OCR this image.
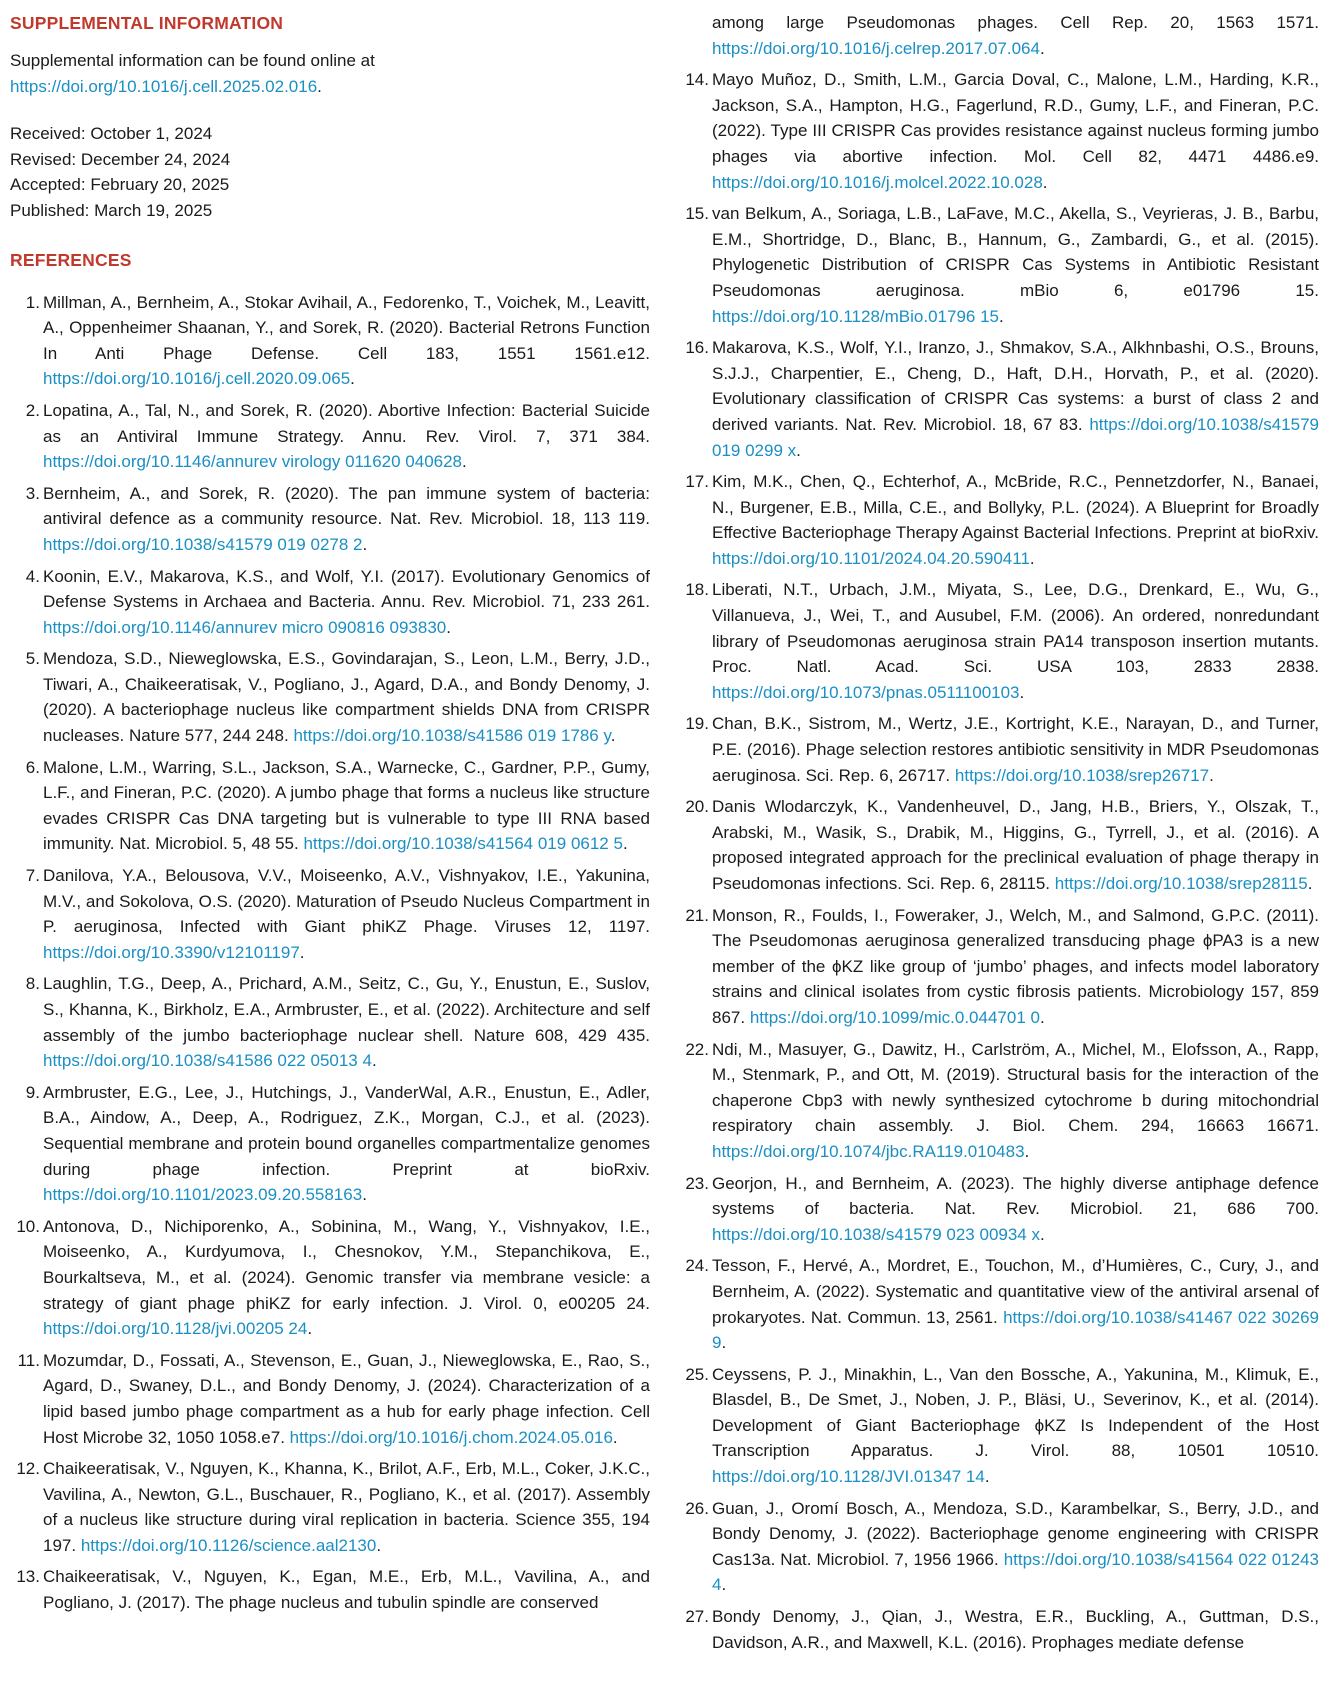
SUPPLEMENTAL INFORMATION

Supplemental information can be found online at https://doi.org/10.1016/j.cell.2025.02.016.

Received: October 1, 2024
Revised: December 24, 2024
Accepted: February 20, 2025
Published: March 19, 2025
REFERENCES
1 . Millman, A., Bernheim, A., Stokar Avihail, A., Fedorenko, T., Voichek, M., Leavitt, A., Oppenheimer Shaanan, Y., and Sorek, R. (2020). Bacterial Retrons Function In Anti Phage Defense. Cell 183, 1551 1561.e12. https://doi.org/10.1016/j.cell.2020.09.065.
2 . Lopatina, A., Tal, N., and Sorek, R. (2020). Abortive Infection: Bacterial Suicide as an Antiviral Immune Strategy. Annu. Rev. Virol. 7, 371 384. https://doi.org/10.1146/annurev virology 011620 040628.
3 . Bernheim, A., and Sorek, R. (2020). The pan immune system of bacteria: antiviral defence as a community resource. Nat. Rev. Microbiol. 18, 113 119. https://doi.org/10.1038/s41579 019 0278 2.
4 . Koonin, E.V., Makarova, K.S., and Wolf, Y.I. (2017). Evolutionary Genomics of Defense Systems in Archaea and Bacteria. Annu. Rev. Microbiol. 71, 233 261. https://doi.org/10.1146/annurev micro 090816 093830.
5 . Mendoza, S.D., Nieweglowska, E.S., Govindarajan, S., Leon, L.M., Berry, J.D., Tiwari, A., Chaikeeratisak, V., Pogliano, J., Agard, D.A., and Bondy Denomy, J. (2020). A bacteriophage nucleus like compartment shields DNA from CRISPR nucleases. Nature 577, 244 248. https://doi.org/10.1038/s41586 019 1786 y.
6 . Malone, L.M., Warring, S.L., Jackson, S.A., Warnecke, C., Gardner, P.P., Gumy, L.F., and Fineran, P.C. (2020). A jumbo phage that forms a nucleus like structure evades CRISPR Cas DNA targeting but is vulnerable to type III RNA based immunity. Nat. Microbiol. 5, 48 55. https://doi.org/10.1038/s41564 019 0612 5.
7 . Danilova, Y.A., Belousova, V.V., Moiseenko, A.V., Vishnyakov, I.E., Yakunina, M.V., and Sokolova, O.S. (2020). Maturation of Pseudo Nucleus Compartment in P. aeruginosa, Infected with Giant phiKZ Phage. Viruses 12, 1197. https://doi.org/10.3390/v12101197.
8 . Laughlin, T.G., Deep, A., Prichard, A.M., Seitz, C., Gu, Y., Enustun, E., Suslov, S., Khanna, K., Birkholz, E.A., Armbruster, E., et al. (2022). Architecture and self assembly of the jumbo bacteriophage nuclear shell. Nature 608, 429 435. https://doi.org/10.1038/s41586 022 05013 4.
9 . Armbruster, E.G., Lee, J., Hutchings, J., VanderWal, A.R., Enustun, E., Adler, B.A., Aindow, A., Deep, A., Rodriguez, Z.K., Morgan, C.J., et al. (2023). Sequential membrane and protein bound organelles compartmentalize genomes during phage infection. Preprint at bioRxiv. https://doi.org/10.1101/2023.09.20.558163.
10 . Antonova, D., Nichiporenko, A., Sobinina, M., Wang, Y., Vishnyakov, I.E., Moiseenko, A., Kurdyumova, I., Chesnokov, Y.M., Stepanchikova, E., Bourkaltseva, M., et al. (2024). Genomic transfer via membrane vesicle: a strategy of giant phage phiKZ for early infection. J. Virol. 0, e00205 24. https://doi.org/10.1128/jvi.00205 24.
11 . Mozumdar, D., Fossati, A., Stevenson, E., Guan, J., Nieweglowska, E., Rao, S., Agard, D., Swaney, D.L., and Bondy Denomy, J. (2024). Characterization of a lipid based jumbo phage compartment as a hub for early phage infection. Cell Host Microbe 32, 1050 1058.e7. https://doi.org/10.1016/j.chom.2024.05.016.
12 . Chaikeeratisak, V., Nguyen, K., Khanna, K., Brilot, A.F., Erb, M.L., Coker, J.K.C., Vavilina, A., Newton, G.L., Buschauer, R., Pogliano, K., et al. (2017). Assembly of a nucleus like structure during viral replication in bacteria. Science 355, 194 197. https://doi.org/10.1126/science.aal2130.
13 . Chaikeeratisak, V., Nguyen, K., Egan, M.E., Erb, M.L., Vavilina, A., and Pogliano, J. (2017). The phage nucleus and tubulin spindle are conserved
among large Pseudomonas phages. Cell Rep. 20, 1563 1571. https://doi.org/10.1016/j.celrep.2017.07.064.
14 . Mayo Muñoz, D., Smith, L.M., Garcia Doval, C., Malone, L.M., Harding, K.R., Jackson, S.A., Hampton, H.G., Fagerlund, R.D., Gumy, L.F., and Fineran, P.C. (2022). Type III CRISPR Cas provides resistance against nucleus forming jumbo phages via abortive infection. Mol. Cell 82, 4471 4486.e9. https://doi.org/10.1016/j.molcel.2022.10.028.
15 . van Belkum, A., Soriaga, L.B., LaFave, M.C., Akella, S., Veyrieras, J. B., Barbu, E.M., Shortridge, D., Blanc, B., Hannum, G., Zambardi, G., et al. (2015). Phylogenetic Distribution of CRISPR Cas Systems in Antibiotic Resistant Pseudomonas aeruginosa. mBio 6, e01796 15. https://doi.org/10.1128/mBio.01796 15.
16 . Makarova, K.S., Wolf, Y.I., Iranzo, J., Shmakov, S.A., Alkhnbashi, O.S., Brouns, S.J.J., Charpentier, E., Cheng, D., Haft, D.H., Horvath, P., et al. (2020). Evolutionary classification of CRISPR Cas systems: a burst of class 2 and derived variants. Nat. Rev. Microbiol. 18, 67 83. https://doi.org/10.1038/s41579 019 0299 x.
17 . Kim, M.K., Chen, Q., Echterhof, A., McBride, R.C., Pennetzdorfer, N., Banaei, N., Burgener, E.B., Milla, C.E., and Bollyky, P.L. (2024). A Blueprint for Broadly Effective Bacteriophage Therapy Against Bacterial Infections. Preprint at bioRxiv. https://doi.org/10.1101/2024.04.20.590411.
18 . Liberati, N.T., Urbach, J.M., Miyata, S., Lee, D.G., Drenkard, E., Wu, G., Villanueva, J., Wei, T., and Ausubel, F.M. (2006). An ordered, nonredundant library of Pseudomonas aeruginosa strain PA14 transposon insertion mutants. Proc. Natl. Acad. Sci. USA 103, 2833 2838. https://doi.org/10.1073/pnas.0511100103.
19 . Chan, B.K., Sistrom, M., Wertz, J.E., Kortright, K.E., Narayan, D., and Turner, P.E. (2016). Phage selection restores antibiotic sensitivity in MDR Pseudomonas aeruginosa. Sci. Rep. 6, 26717. https://doi.org/10.1038/srep26717.
20 . Danis Wlodarczyk, K., Vandenheuvel, D., Jang, H.B., Briers, Y., Olszak, T., Arabski, M., Wasik, S., Drabik, M., Higgins, G., Tyrrell, J., et al. (2016). A proposed integrated approach for the preclinical evaluation of phage therapy in Pseudomonas infections. Sci. Rep. 6, 28115. https://doi.org/10.1038/srep28115.
21 . Monson, R., Foulds, I., Foweraker, J., Welch, M., and Salmond, G.P.C. (2011). The Pseudomonas aeruginosa generalized transducing phage ϕPA3 is a new member of the ϕKZ like group of ‘jumbo’ phages, and infects model laboratory strains and clinical isolates from cystic fibrosis patients. Microbiology 157, 859 867. https://doi.org/10.1099/mic.0.044701 0.
22 . Ndi, M., Masuyer, G., Dawitz, H., Carlström, A., Michel, M., Elofsson, A., Rapp, M., Stenmark, P., and Ott, M. (2019). Structural basis for the interaction of the chaperone Cbp3 with newly synthesized cytochrome b during mitochondrial respiratory chain assembly. J. Biol. Chem. 294, 16663 16671. https://doi.org/10.1074/jbc.RA119.010483.
23 . Georjon, H., and Bernheim, A. (2023). The highly diverse antiphage defence systems of bacteria. Nat. Rev. Microbiol. 21, 686 700. https://doi.org/10.1038/s41579 023 00934 x.
24 . Tesson, F., Hervé, A., Mordret, E., Touchon, M., d’Humières, C., Cury, J., and Bernheim, A. (2022). Systematic and quantitative view of the antiviral arsenal of prokaryotes. Nat. Commun. 13, 2561. https://doi.org/10.1038/s41467 022 30269 9.
25 . Ceyssens, P. J., Minakhin, L., Van den Bossche, A., Yakunina, M., Klimuk, E., Blasdel, B., De Smet, J., Noben, J. P., Bläsi, U., Severinov, K., et al. (2014). Development of Giant Bacteriophage ϕKZ Is Independent of the Host Transcription Apparatus. J. Virol. 88, 10501 10510. https://doi.org/10.1128/JVI.01347 14.
26 . Guan, J., Oromí Bosch, A., Mendoza, S.D., Karambelkar, S., Berry, J.D., and Bondy Denomy, J. (2022). Bacteriophage genome engineering with CRISPR Cas13a. Nat. Microbiol. 7, 1956 1966. https://doi.org/10.1038/s41564 022 01243 4.
27 . Bondy Denomy, J., Qian, J., Westra, E.R., Buckling, A., Guttman, D.S., Davidson, A.R., and Maxwell, K.L. (2016). Prophages mediate defense
